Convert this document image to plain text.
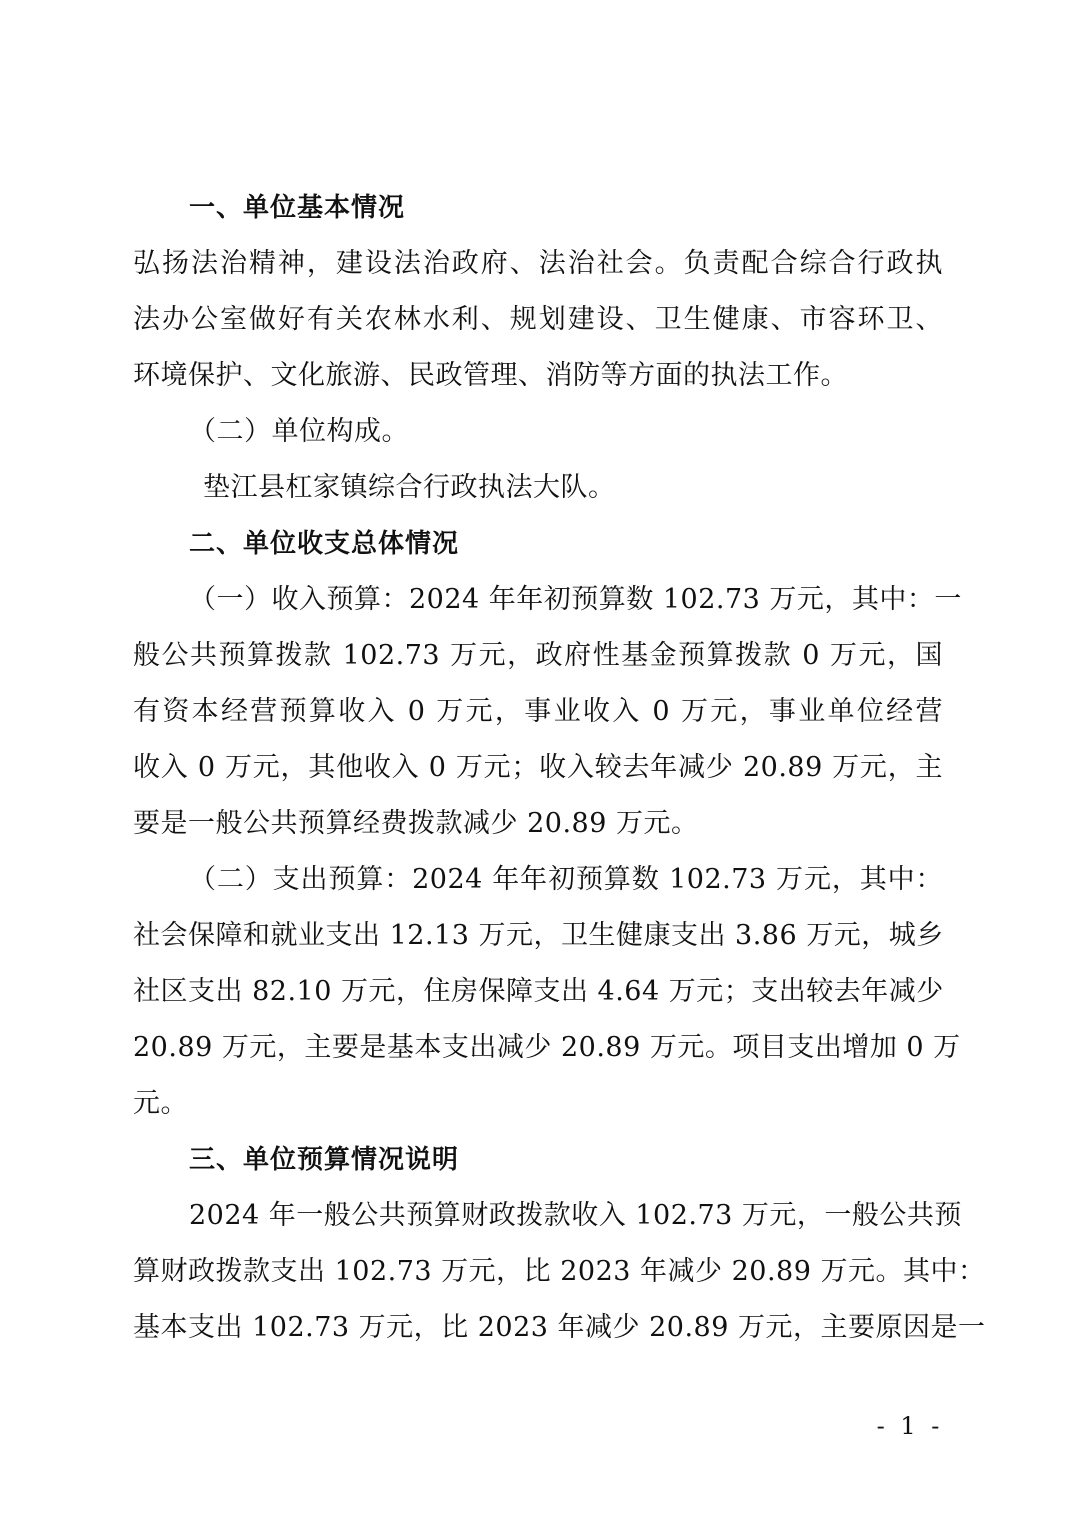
一、单位基本情况
弘扬法治精神，建设法治政府、法治社会。负责配合综合行政执
法办公室做好有关农林水利、规划建设、卫生健康、市容环卫、
环境保护、文化旅游、民政管理、消防等方面的执法工作。
（二）单位构成。
垫江县杠家镇综合行政执法大队。
二、单位收支总体情况
（一）收入预算：2024 年年初预算数 102.73 万元，其中：一
般公共预算拨款 102.73 万元，政府性基金预算拨款 0 万元，国
有资本经营预算收入 0 万元，事业收入 0 万元，事业单位经营
收入 0 万元，其他收入 0 万元；收入较去年减少 20.89 万元，主
要是一般公共预算经费拨款减少 20.89 万元。
（二）支出预算：2024 年年初预算数 102.73 万元，其中：
社会保障和就业支出 12.13 万元，卫生健康支出 3.86 万元，城乡
社区支出 82.10 万元，住房保障支出 4.64 万元；支出较去年减少
20.89 万元，主要是基本支出减少 20.89 万元。项目支出增加 0 万
元。
三、单位预算情况说明
2024 年一般公共预算财政拨款收入 102.73 万元，一般公共预
算财政拨款支出 102.73 万元，比 2023 年减少 20.89 万元。其中：
基本支出 102.73 万元，比 2023 年减少 20.89 万元，主要原因是一
- 1 -
